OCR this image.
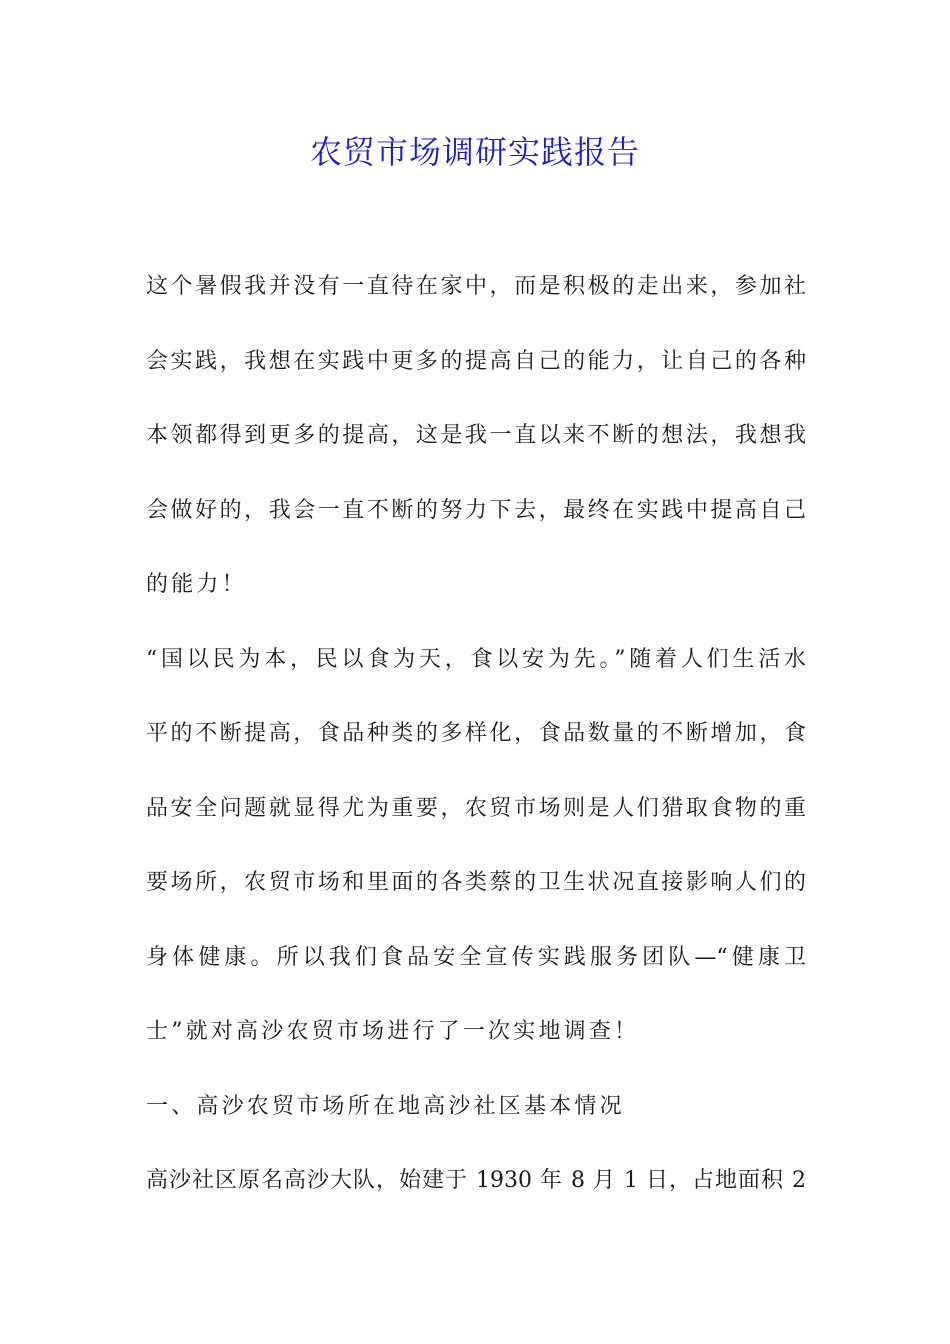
农贸市场调研实践报告
这个暑假我并没有一直待在家中，而是积极的走出来，参加社
会实践，我想在实践中更多的提高自己的能力，让自己的各种
本领都得到更多的提高，这是我一直以来不断的想法，我想我
会做好的，我会一直不断的努力下去，最终在实践中提高自己
的能力！
“国以民为本，民以食为天，食以安为先。”随着人们生活水
平的不断提高，食品种类的多样化，食品数量的不断增加，食
品安全问题就显得尤为重要，农贸市场则是人们猎取食物的重
要场所，农贸市场和里面的各类蔡的卫生状况直接影响人们的
身体健康。所以我们食品安全宣传实践服务团队—“健康卫
士”就对高沙农贸市场进行了一次实地调查！
一、高沙农贸市场所在地高沙社区基本情况
高沙社区原名高沙大队，始建于 1930 年 8 月 1 日，占地面积 2
